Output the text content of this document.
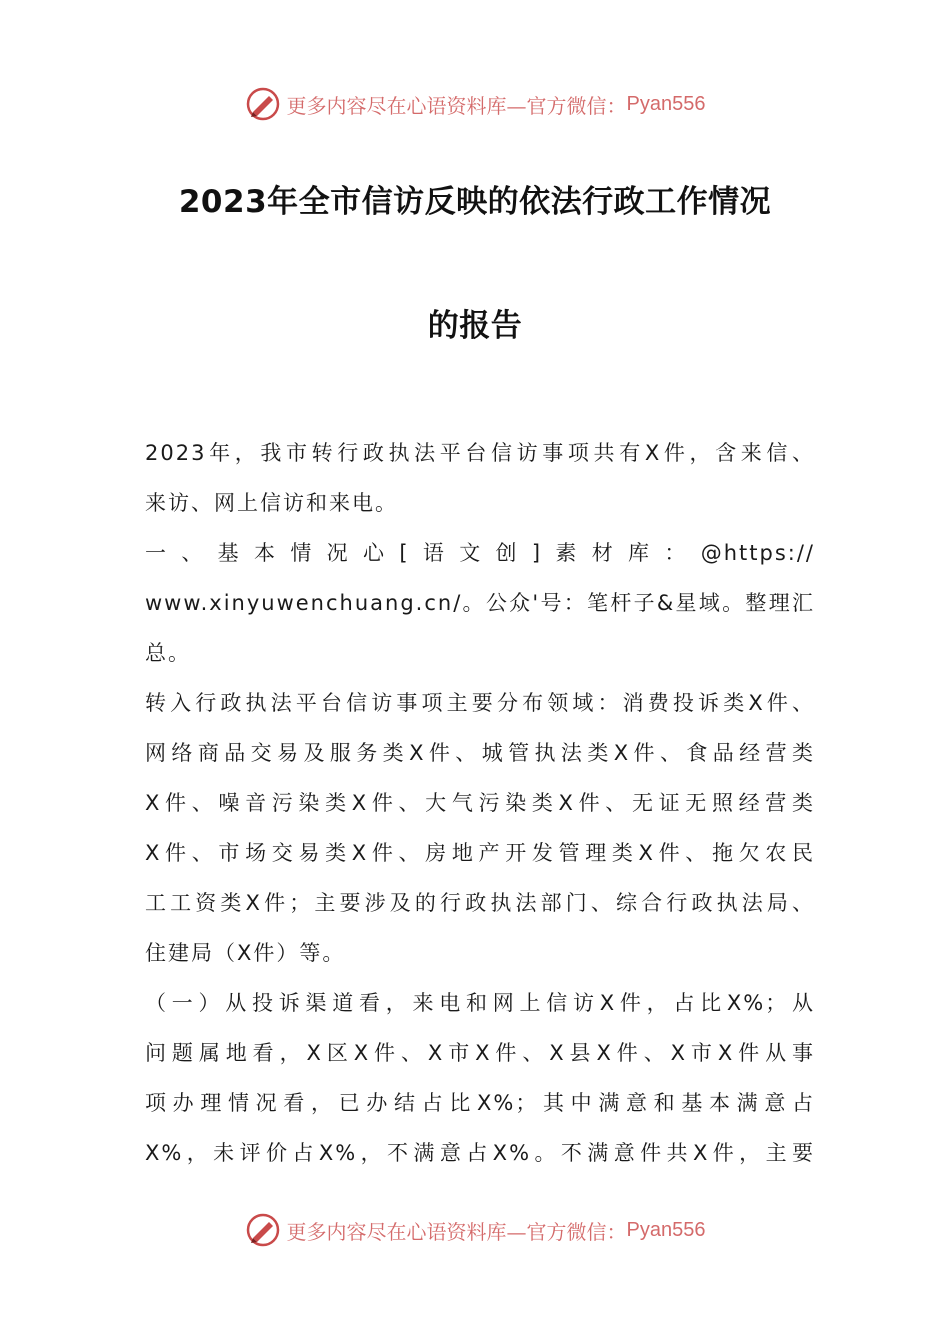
更多内容尽在心语资料库—官方微信： Pyan556
2023年全市信访反映的依法行政工作情况
的报告
2023年，我市转行政执法平台信访事项共有X件，含来信、
来访、网上信访和来电。
一、基本情况心[语文创]素材库：@https://
www.xinyuwenchuang.cn/。公众'号：笔杆子&星域。整理汇
总。
转入行政执法平台信访事项主要分布领域：消费投诉类X件、
网络商品交易及服务类X件、城管执法类X件、食品经营类
X件、噪音污染类X件、大气污染类X件、无证无照经营类
X件、市场交易类X件、房地产开发管理类X件、拖欠农民
工工资类X件；主要涉及的行政执法部门、综合行政执法局、
住建局（X件）等。
（一）从投诉渠道看，来电和网上信访X件，占比X%；从
问题属地看，X区X件、X市X件、X县X件、X市X件从事
项办理情况看，已办结占比X%；其中满意和基本满意占
X%，未评价占X%，不满意占X%。不满意件共X件，主要
更多内容尽在心语资料库—官方微信： Pyan556
